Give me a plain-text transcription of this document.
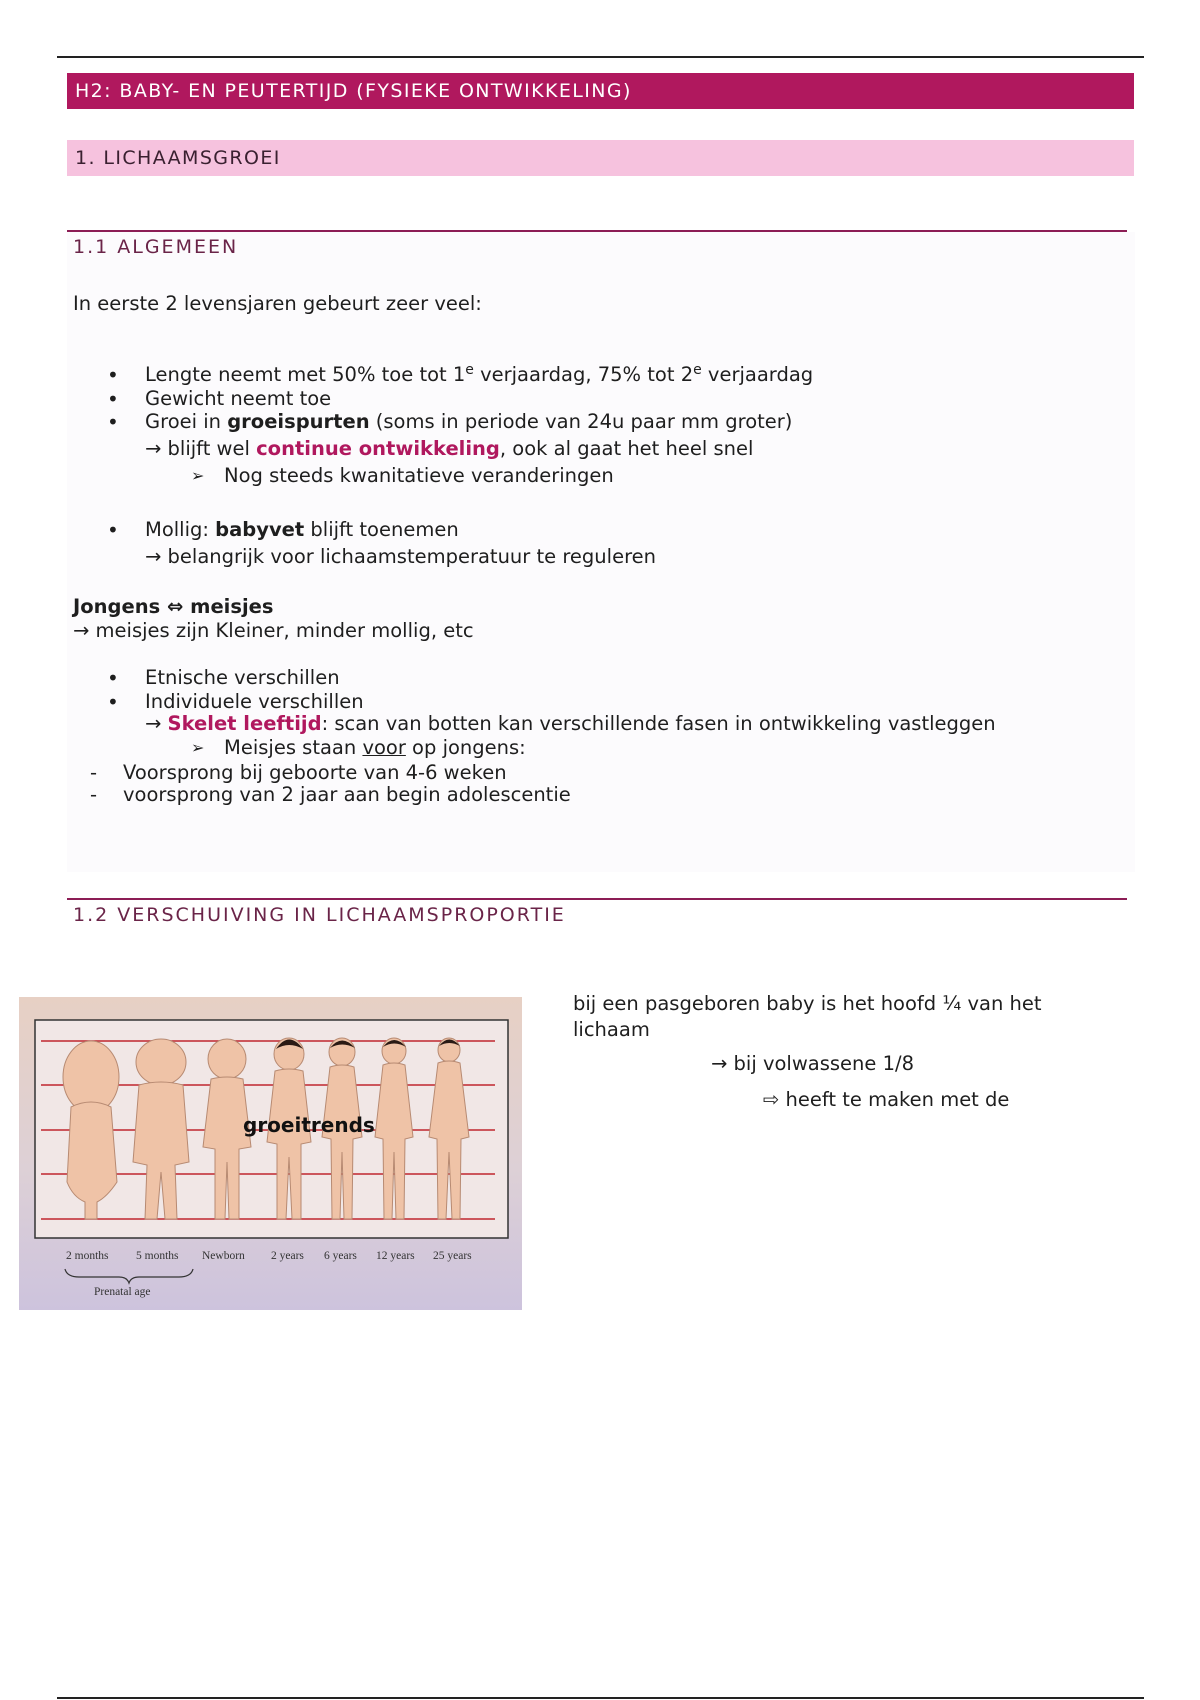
H2: BABY- EN PEUTERTIJD (FYSIEKE ONTWIKKELING)
1. LICHAAMSGROEI
1.1 ALGEMEEN
In eerste 2 levensjaren gebeurt zeer veel:
• Lengte neemt met 50% toe tot 1e verjaardag, 75% tot 2e verjaardag
• Gewicht neemt toe
• Groei in groeispurten (soms in periode van 24u paar mm groter)
→ blijft wel continue ontwikkeling, ook al gaat het heel snel
➢ Nog steeds kwanitatieve veranderingen
• Mollig: babyvet blijft toenemen
→ belangrijk voor lichaamstemperatuur te reguleren
Jongens ⇔ meisjes
→ meisjes zijn Kleiner, minder mollig, etc
• Etnische verschillen
• Individuele verschillen
→ Skelet leeftijd: scan van botten kan verschillende fasen in ontwikkeling vastleggen
➢ Meisjes staan voor op jongens:
- Voorsprong bij geboorte van 4-6 weken
- voorsprong van 2 jaar aan begin adolescentie
1.2 VERSCHUIVING IN LICHAAMSPROPORTIE
2 months 5 months Newborn 2 years 6 years 12 years 25 years
Prenatal age
groeitrends
bij een pasgeboren baby is het hoofd ¼ van het
lichaam
→ bij volwassene 1/8
⇨ heeft te maken met de
